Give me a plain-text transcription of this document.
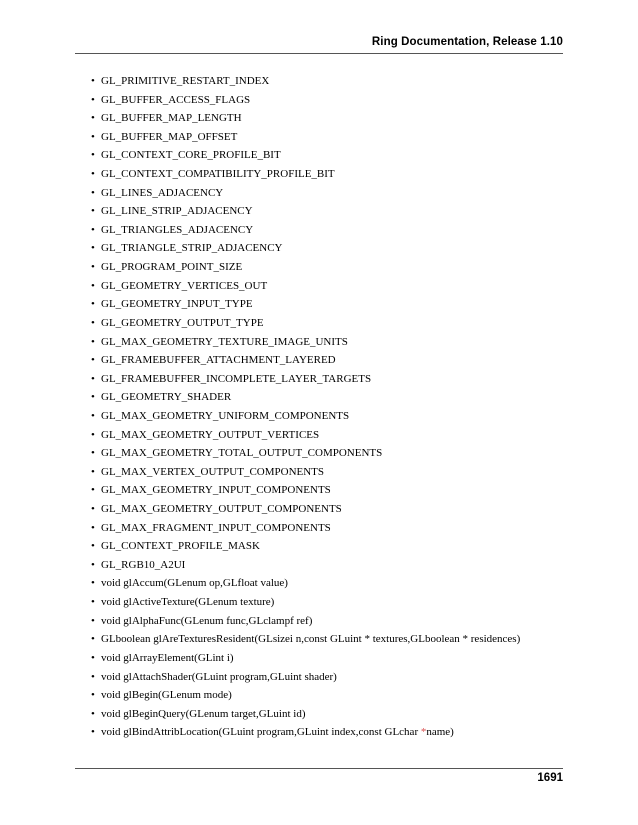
Ring Documentation, Release 1.10
• GL_PRIMITIVE_RESTART_INDEX
• GL_BUFFER_ACCESS_FLAGS
• GL_BUFFER_MAP_LENGTH
• GL_BUFFER_MAP_OFFSET
• GL_CONTEXT_CORE_PROFILE_BIT
• GL_CONTEXT_COMPATIBILITY_PROFILE_BIT
• GL_LINES_ADJACENCY
• GL_LINE_STRIP_ADJACENCY
• GL_TRIANGLES_ADJACENCY
• GL_TRIANGLE_STRIP_ADJACENCY
• GL_PROGRAM_POINT_SIZE
• GL_GEOMETRY_VERTICES_OUT
• GL_GEOMETRY_INPUT_TYPE
• GL_GEOMETRY_OUTPUT_TYPE
• GL_MAX_GEOMETRY_TEXTURE_IMAGE_UNITS
• GL_FRAMEBUFFER_ATTACHMENT_LAYERED
• GL_FRAMEBUFFER_INCOMPLETE_LAYER_TARGETS
• GL_GEOMETRY_SHADER
• GL_MAX_GEOMETRY_UNIFORM_COMPONENTS
• GL_MAX_GEOMETRY_OUTPUT_VERTICES
• GL_MAX_GEOMETRY_TOTAL_OUTPUT_COMPONENTS
• GL_MAX_VERTEX_OUTPUT_COMPONENTS
• GL_MAX_GEOMETRY_INPUT_COMPONENTS
• GL_MAX_GEOMETRY_OUTPUT_COMPONENTS
• GL_MAX_FRAGMENT_INPUT_COMPONENTS
• GL_CONTEXT_PROFILE_MASK
• GL_RGB10_A2UI
• void glAccum(GLenum op,GLfloat value)
• void glActiveTexture(GLenum texture)
• void glAlphaFunc(GLenum func,GLclampf ref)
• GLboolean glAreTexturesResident(GLsizei n,const GLuint * textures,GLboolean * residences)
• void glArrayElement(GLint i)
• void glAttachShader(GLuint program,GLuint shader)
• void glBegin(GLenum mode)
• void glBeginQuery(GLenum target,GLuint id)
• void glBindAttribLocation(GLuint program,GLuint index,const GLchar *name)
1691
